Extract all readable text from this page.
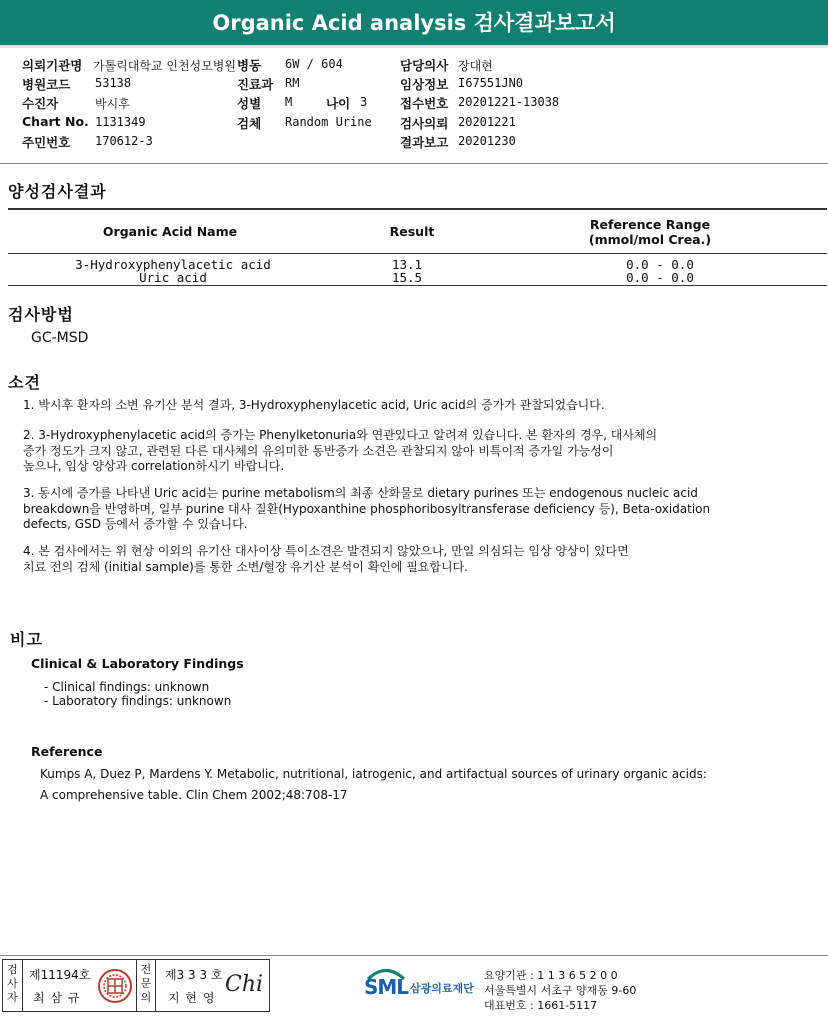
Organic Acid analysis 검사결과보고서
의뢰기관명 가톨릭대학교 인천성모병원
병원코드 53138
수진자	박시후
Chart No. 1131349
주민번호 170612-3
병동 6W / 604
진료과 RM
성별 M	나이 3
검체 Random Urine
담당의사 장대현
임상정보 I67551JN0
접수번호 20201221-13038
검사의뢰 20201221
결과보고 20201230
양성검사결과
Organic Acid Name	Result	Reference Range
(mmol/mol Crea.)
3-Hydroxyphenylacetic acid	13.1	0.0 - 0.0
Uric acid	15.5	0.0 - 0.0
검사방법
GC-MSD
소견
1. 박시후 환자의 소변 유기산 분석 결과, 3-Hydroxyphenylacetic acid, Uric acid의 증가가 관찰되었습니다.
2. 3-Hydroxyphenylacetic acid의 증가는 Phenylketonuria와 연관있다고 알려져 있습니다. 본 환자의 경우, 대사체의
증가 정도가 크지 않고, 관련된 다른 대사체의 유의미한 동반증가 소견은 관찰되지 않아 비특이적 증가일 가능성이
높으나, 임상 양상과 correlation하시기 바랍니다.
3. 동시에 증가를 나타낸 Uric acid는 purine metabolism의 최종 산화물로 dietary purines 또는 endogenous nucleic acid
breakdown을 반영하며, 일부 purine 대사 질환(Hypoxanthine phosphoribosyltransferase deficiency 등), Beta-oxidation
defects, GSD 등에서 증가할 수 있습니다.
4. 본 검사에서는 위 현상 이외의 유기산 대사이상 특이소견은 발견되지 않았으나, 만일 의심되는 임상 양상이 있다면
치료 전의 검체 (initial sample)를 통한 소변/혈장 유기산 분석이 확인에 필요합니다.
비고
Clinical & Laboratory Findings
- Clinical findings: unknown
- Laboratory findings: unknown
Reference
Kumps A, Duez P, Mardens Y. Metabolic, nutritional, iatrogenic, and artifactual sources of urinary organic acids:
A comprehensive table. Clin Chem 2002;48:708-17
검사자
제11194호
최 삼 규
전문의
제3 3 3 호
지 현 영
Chi	SML 삼광의료재단
요양기관 : 1 1 3 6 5 2 0 0
서울특별시 서초구 양재동 9-60
대표번호 : 1661-5117
